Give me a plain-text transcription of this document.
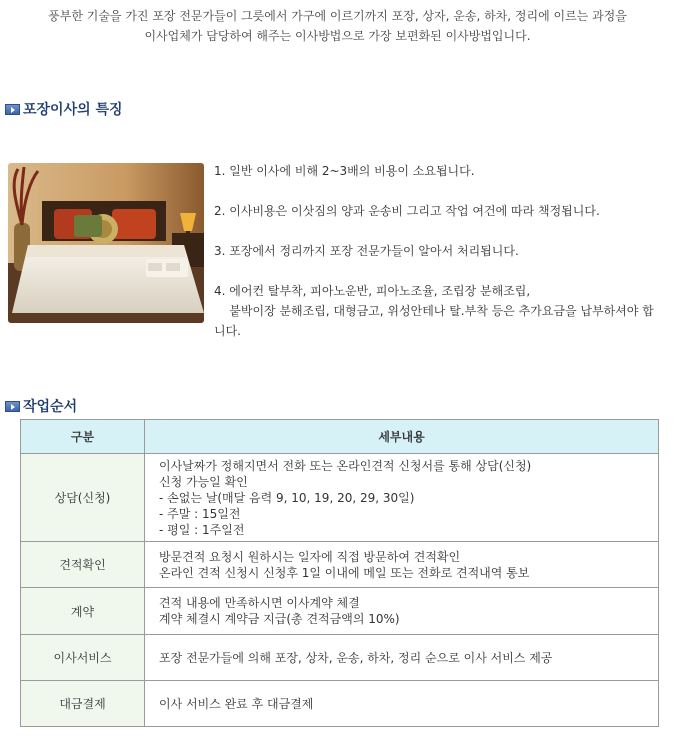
풍부한 기술을 가진 포장 전문가들이 그릇에서 가구에 이르기까지 포장, 상자, 운송, 하차, 정리에 이르는 과정을
이사업체가 담당하여 해주는 이사방법으로 가장 보편화된 이사방법입니다.
포장이사의 특징
1. 일반 이사에 비해 2~3배의 비용이 소요됩니다.
2. 이사비용은 이삿짐의 양과 운송비 그리고 작업 여건에 따라 책정됩니다.
3. 포장에서 정리까지 포장 전문가들이 알아서 처리됩니다.
4. 에어컨 탈부착, 피아노운반, 피아노조율, 조립장 분해조립,
붙박이장 분해조립, 대형금고, 위성안테나 탈.부착 등은 추가요금을 납부하셔야 합
니다.
작업순서
구분	세부내용
상담(신청)	이사날짜가 정해지면서 전화 또는 온라인견적 신청서를 통해 상담(신청)
신청 가능일 확인
- 손없는 날(매달 음력 9, 10, 19, 20, 29, 30일)
- 주말 : 15일전
- 평일 : 1주일전

견적확인	방문견적 요청시 원하시는 일자에 직접 방문하여 견적확인
온라인 견적 신청시 신청후 1일 이내에 메일 또는 전화로 견적내역 통보

계약	견적 내용에 만족하시면 이사계약 체결
계약 체결시 계약금 지급(총 견적금액의 10%)

이사서비스	포장 전문가들에 의해 포장, 상차, 운송, 하차, 정리 순으로 이사 서비스 제공

대금결제	이사 서비스 완료 후 대금결제
